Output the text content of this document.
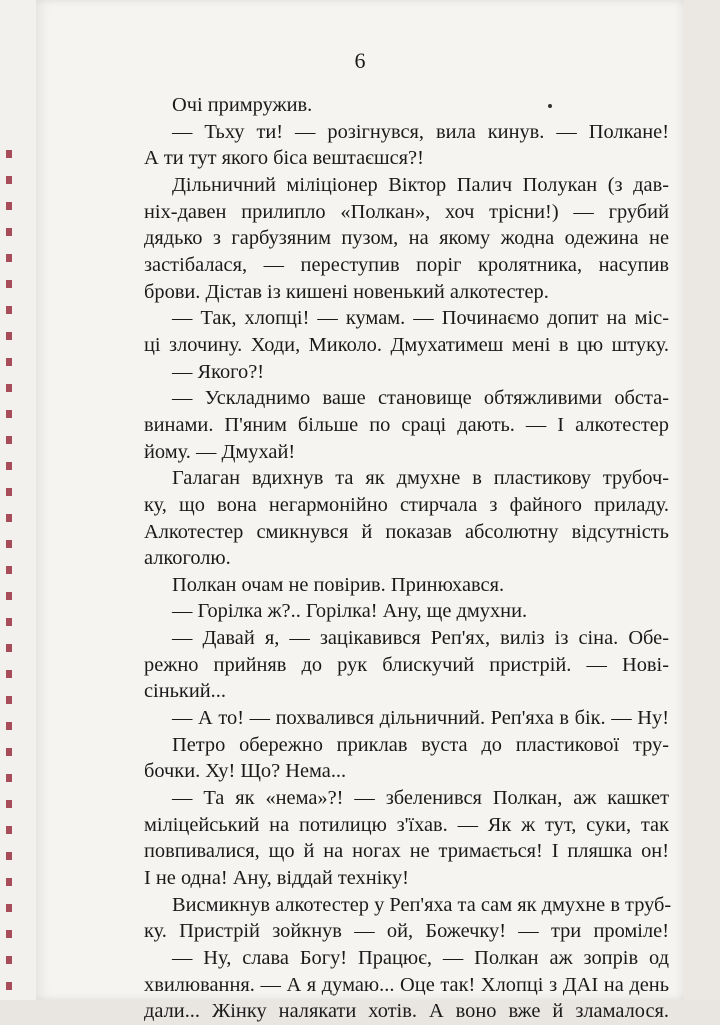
6
Очі примружив.
— Тьху ти! — розігнувся, вила кинув. — Полкане!
А ти тут якого біса вештаєшся?!
Дільничний міліціонер Віктор Палич Полукан (з дав-
ніх-давен прилипло «Полкан», хоч трісни!) — грубий
дядько з гарбузяним пузом, на якому жодна одежина не
застібалася, — переступив поріг кролятника, насупив
брови. Дістав із кишені новенький алкотестер.
— Так, хлопці! — кумам. — Починаємо допит на міс-
ці злочину. Ходи, Миколо. Дмухатимеш мені в цю штуку.
— Якого?!
— Ускладнимо ваше становище обтяжливими обста-
винами. П'яним більше по сраці дають. — І алкотестер
йому. — Дмухай!
Галаган вдихнув та як дмухне в пластикову трубоч-
ку, що вона негармонійно стирчала з файного приладу.
Алкотестер смикнувся й показав абсолютну відсутність
алкоголю.
Полкан очам не повірив. Принюхався.
— Горілка ж?.. Горілка! Ану, ще дмухни.
— Давай я, — зацікавився Реп'ях, виліз із сіна. Обе-
режно прийняв до рук блискучий пристрій. — Нові-
сінький...
— А то! — похвалився дільничний. Реп'яха в бік. — Ну!
Петро обережно приклав вуста до пластикової тру-
бочки. Ху! Що? Нема...
— Та як «нема»?! — збеленився Полкан, аж кашкет
міліцейський на потилицю з'їхав. — Як ж тут, суки, так
повпивалися, що й на ногах не тримається! І пляшка он!
І не одна! Ану, віддай техніку!
Висмикнув алкотестер у Реп'яха та сам як дмухне в труб-
ку. Пристрій зойкнув — ой, Божечку! — три проміле!
— Ну, слава Богу! Працює, — Полкан аж зопрів од
хвилювання. — А я думаю... Оце так! Хлопці з ДАІ на день
дали... Жінку налякати хотів. А воно вже й зламалося.
